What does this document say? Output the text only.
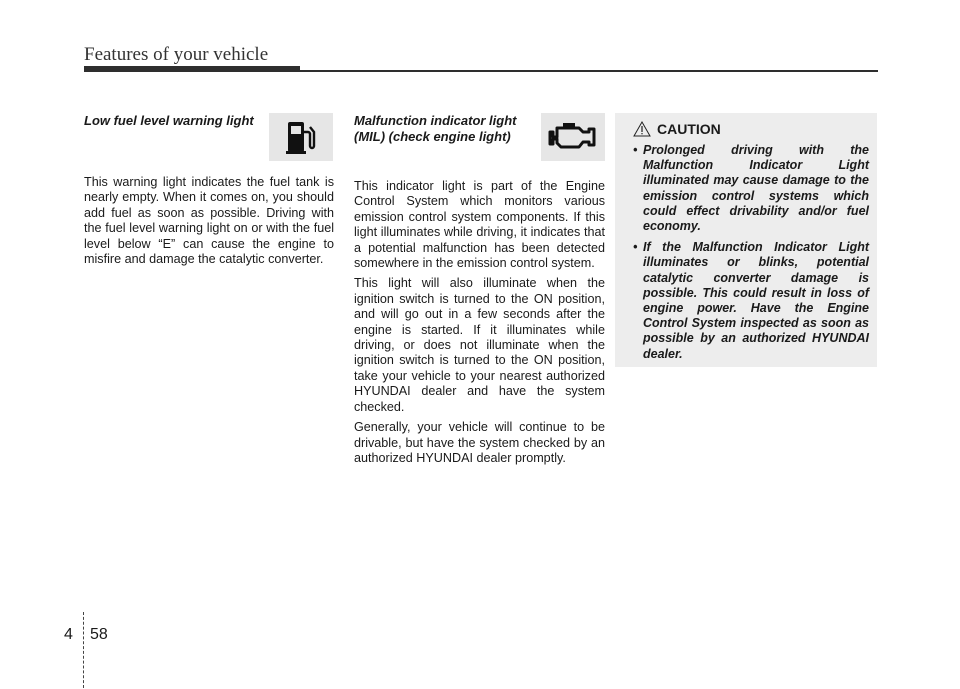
Features of your vehicle

Low fuel level warning light

This warning light indicates the fuel tank is nearly empty. When it comes on, you should add fuel as soon as possible. Driving with the fuel level warning light on or with the fuel level below “E” can cause the engine to misfire and damage the catalytic converter.

Malfunction indicator light (MIL) (check engine light)

This indicator light is part of the Engine Control System which monitors various emission control system components. If this light illuminates while driving, it indicates that a potential malfunction has been detected somewhere in the emission control system.

This light will also illuminate when the ignition switch is turned to the ON position, and will go out in a few seconds after the engine is started. If it illuminates while driving, or does not illuminate when the ignition switch is turned to the ON position, take your vehicle to your nearest authorized HYUNDAI dealer and have the system checked.

Generally, your vehicle will continue to be drivable, but have the system checked by an authorized HYUNDAI dealer promptly.

CAUTION
• Prolonged driving with the Malfunction Indicator Light illuminated may cause damage to the emission control systems which could effect drivability and/or fuel economy.
• If the Malfunction Indicator Light illuminates or blinks, potential catalytic converter damage is possible. This could result in loss of engine power. Have the Engine Control System inspected as soon as possible by an authorized HYUNDAI dealer.
4 58
